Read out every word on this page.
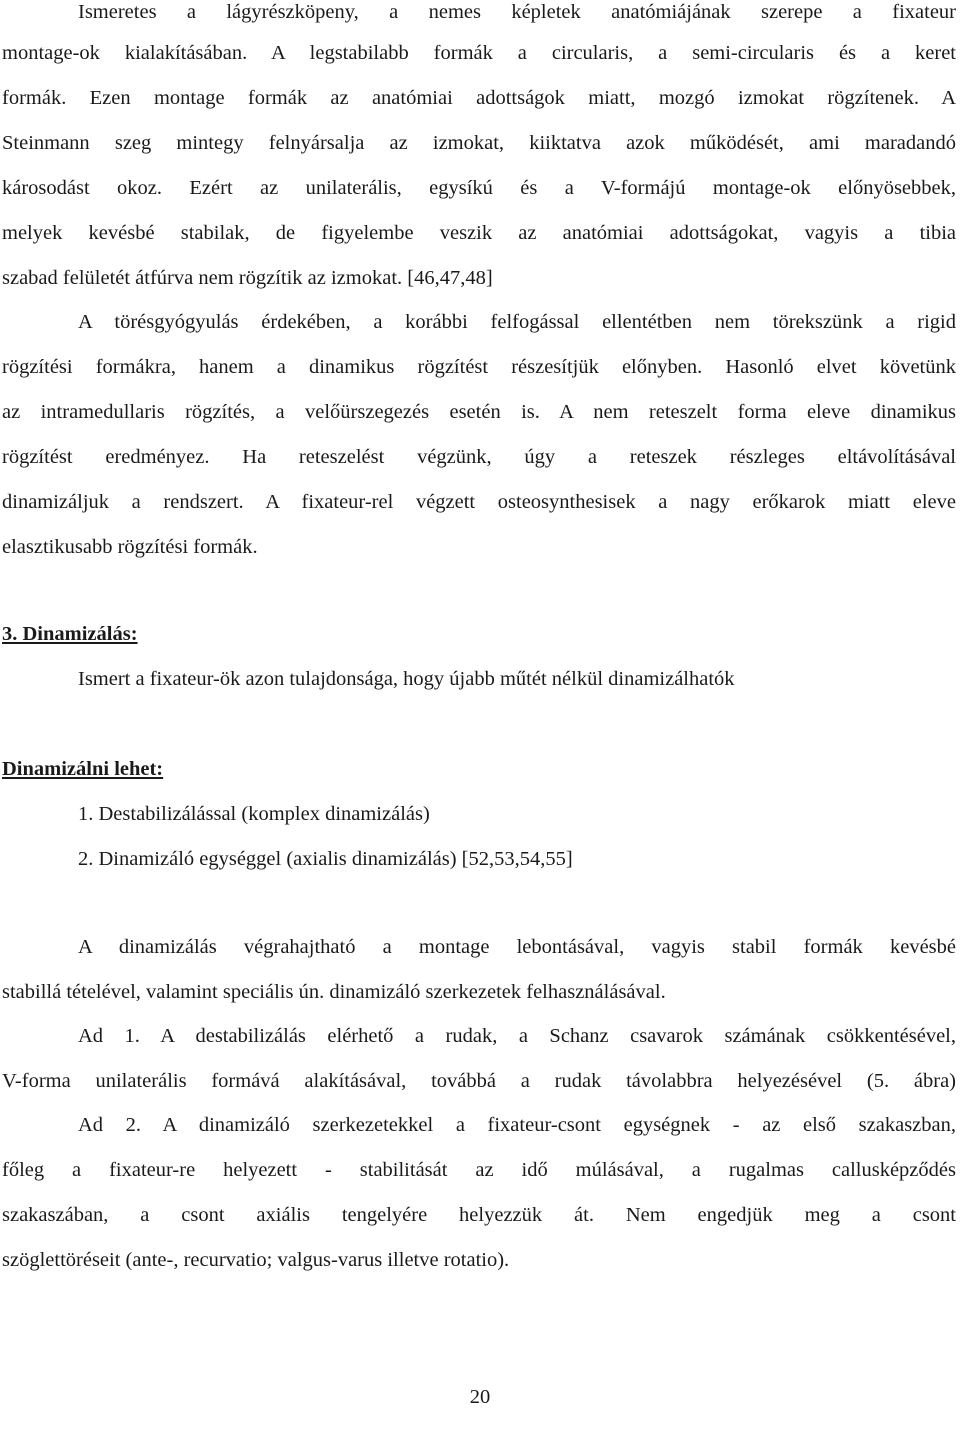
Ismeretes a lágyrészköpeny, a nemes képletek anatómiájának szerepe a fixateur
montage-ok kialakításában. A legstabilabb formák a circularis, a semi-circularis és a keret
formák. Ezen montage formák az anatómiai adottságok miatt, mozgó izmokat rögzítenek. A
Steinmann szeg mintegy felnyársalja az izmokat, kiiktatva azok működését, ami maradandó
károsodást okoz. Ezért az unilaterális, egysíkú és a V-formájú montage-ok előnyösebbek,
melyek kevésbé stabilak, de figyelembe veszik az anatómiai adottságokat, vagyis a tibia
szabad felületét átfúrva nem rögzítik az izmokat. [46,47,48]
A törésgyógyulás érdekében, a korábbi felfogással ellentétben nem törekszünk a rigid
rögzítési formákra, hanem a dinamikus rögzítést részesítjük előnyben. Hasonló elvet követünk
az intramedullaris rögzítés, a velőürszegezés esetén is. A nem reteszelt forma eleve dinamikus
rögzítést eredményez. Ha reteszelést végzünk, úgy a reteszek részleges eltávolításával
dinamizáljuk a rendszert. A fixateur-rel végzett osteosynthesisek a nagy erőkarok miatt eleve
elasztikusabb rögzítési formák.
3. Dinamizálás:
Ismert a fixateur-ök azon tulajdonsága, hogy újabb műtét nélkül dinamizálhatók
Dinamizálni lehet:
1. Destabilizálással (komplex dinamizálás)
2. Dinamizáló egységgel (axialis dinamizálás) [52,53,54,55]
A dinamizálás végrahajtható a montage lebontásával, vagyis stabil formák kevésbé
stabillá tételével, valamint speciális ún. dinamizáló szerkezetek felhasználásával.
Ad 1. A destabilizálás elérhető a rudak, a Schanz csavarok számának csökkentésével,
V-forma unilaterális formává alakításával, továbbá a rudak távolabbra helyezésével (5. ábra)
Ad 2. A dinamizáló szerkezetekkel a fixateur-csont egységnek - az első szakaszban,
főleg a fixateur-re helyezett - stabilitását az idő múlásával, a rugalmas callusképződés
szakaszában, a csont axiális tengelyére helyezzük át. Nem engedjük meg a csont
szöglettöréseit (ante-, recurvatio; valgus-varus illetve rotatio).
20
